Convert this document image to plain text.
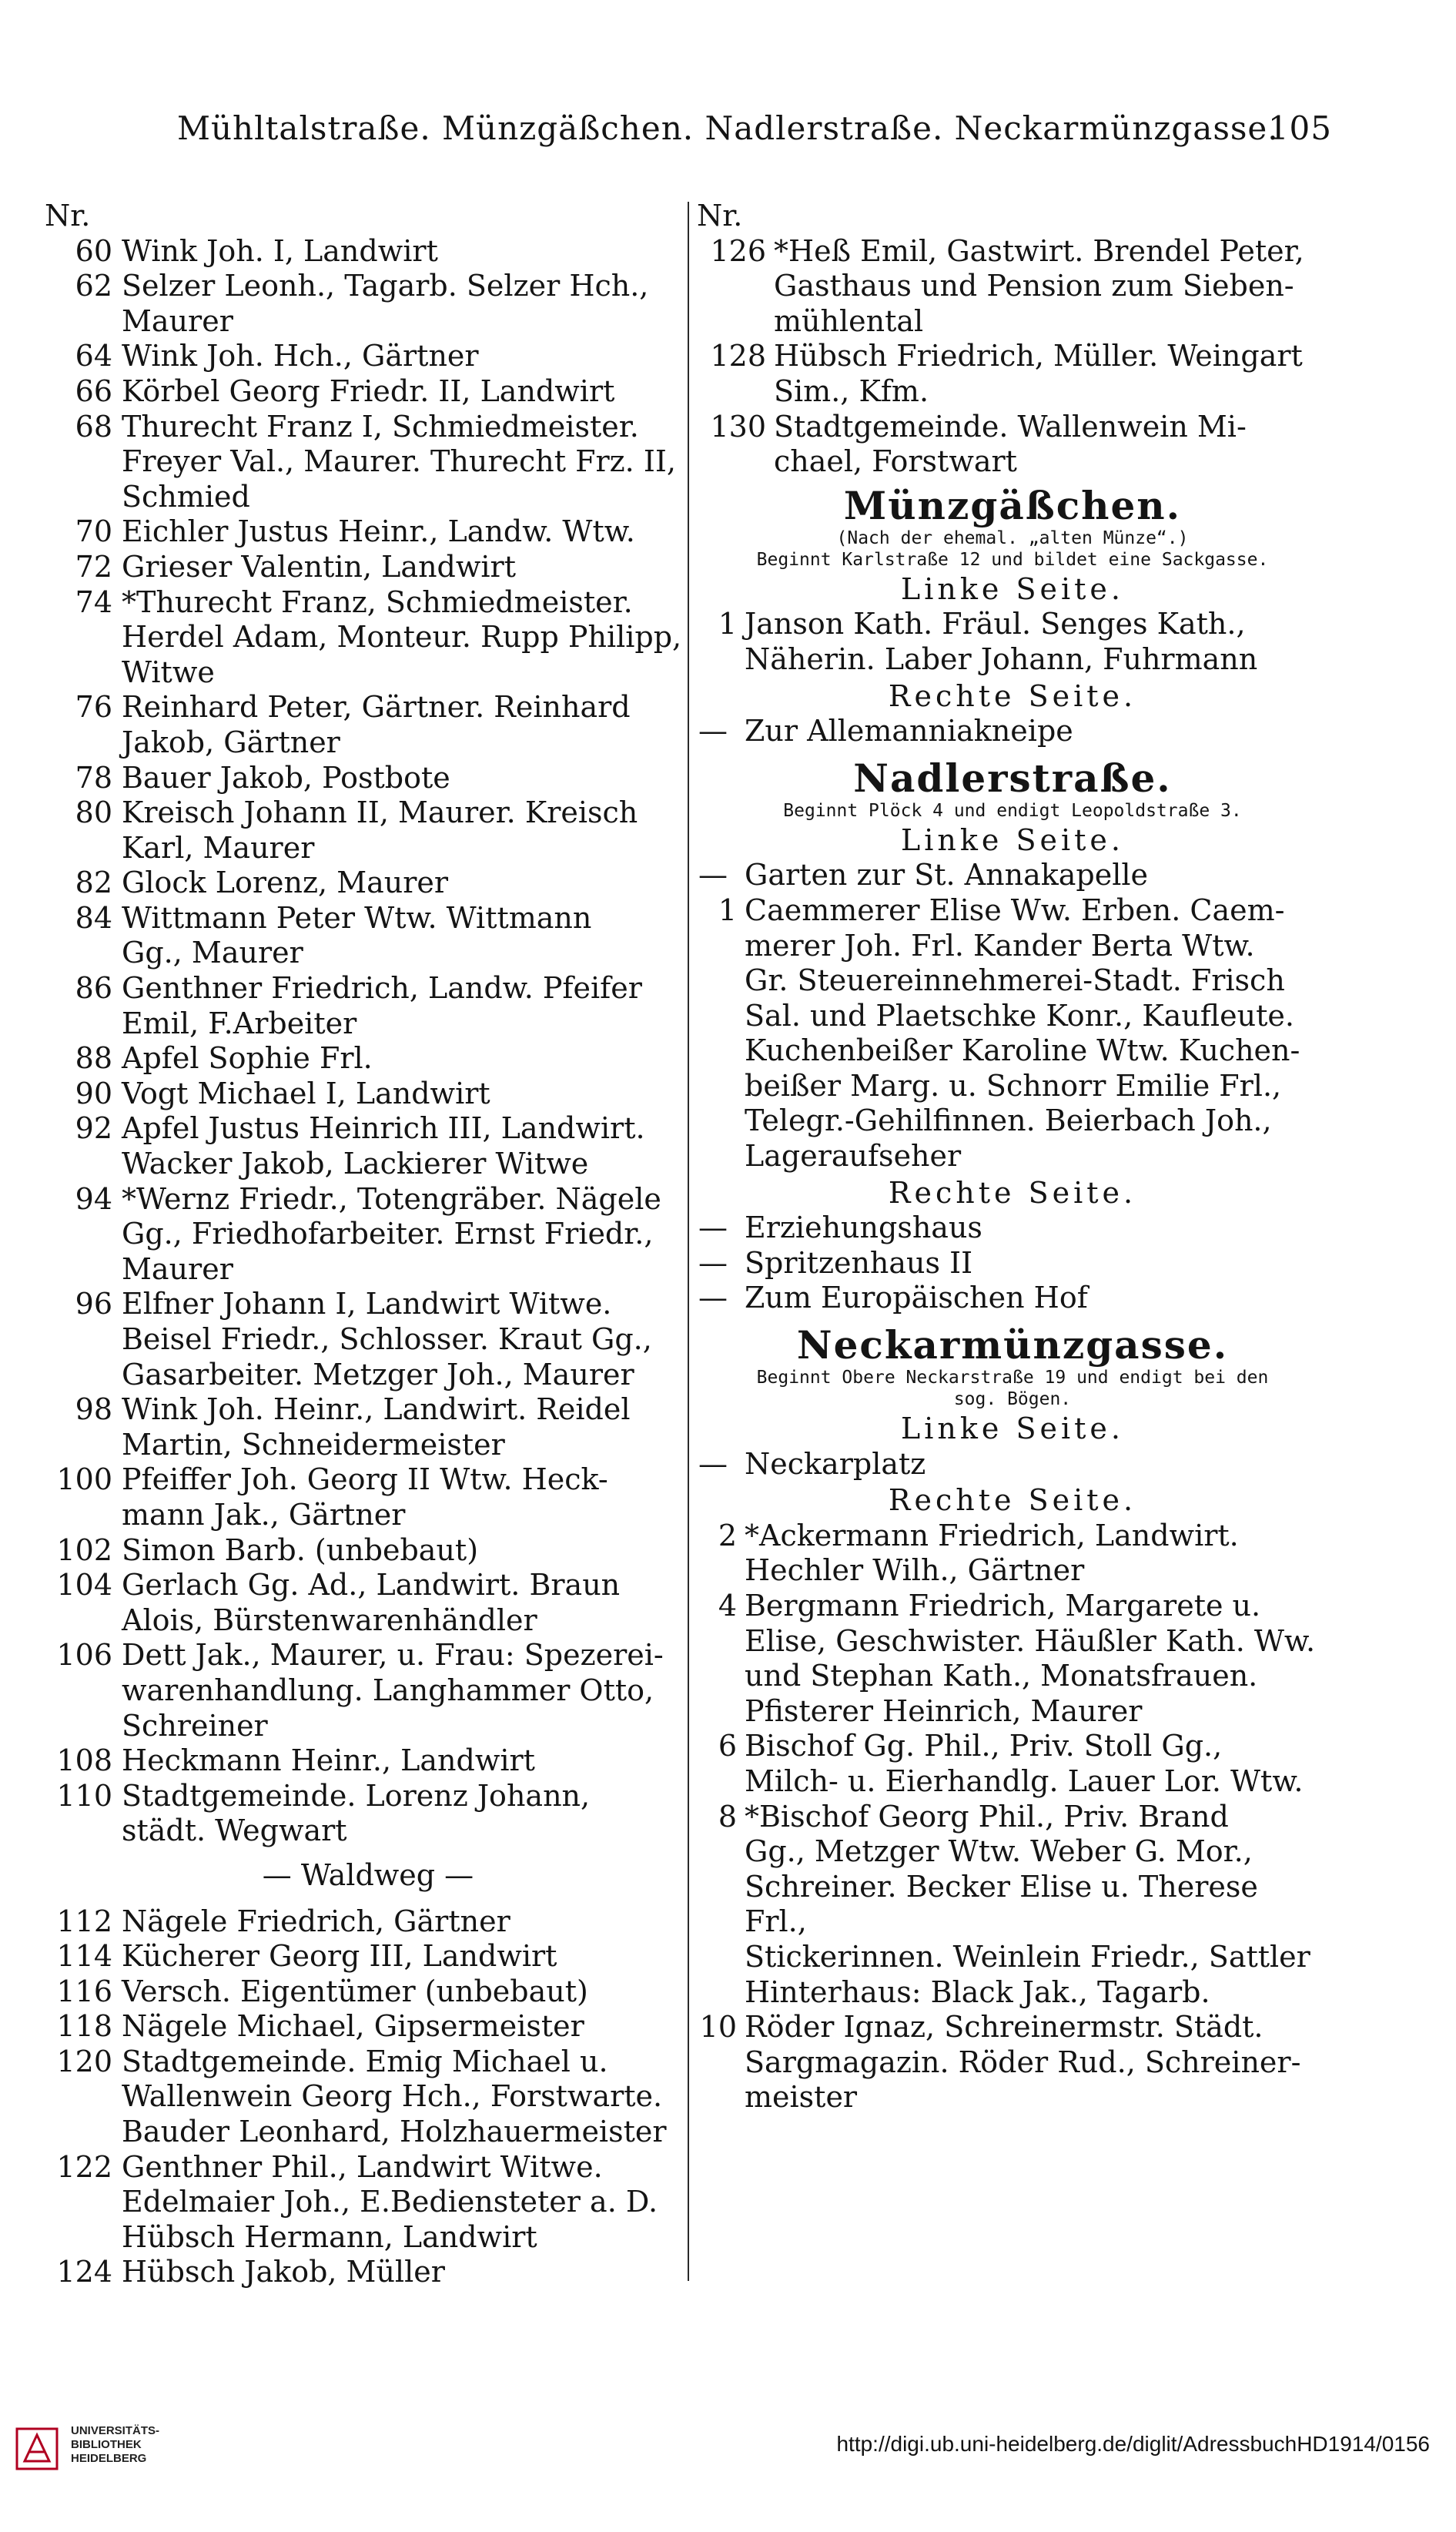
Mühltalstraße. Münzgäßchen. Nadlerstraße. Neckarmünzgasse.
105
Nr.
60 Wink Joh. I, Landwirt
62 Selzer Leonh., Tagarb. Selzer Hch.,
Maurer
64 Wink Joh. Hch., Gärtner
66 Körbel Georg Friedr. II, Landwirt
68 Thurecht Franz I, Schmiedmeister.
Freyer Val., Maurer. Thurecht Frz. II,
Schmied
70 Eichler Justus Heinr., Landw. Wtw.
72 Grieser Valentin, Landwirt
74 *Thurecht Franz, Schmiedmeister.
Herdel Adam, Monteur. Rupp Philipp,
Witwe
76 Reinhard Peter, Gärtner. Reinhard
Jakob, Gärtner
78 Bauer Jakob, Postbote
80 Kreisch Johann II, Maurer. Kreisch
Karl, Maurer
82 Glock Lorenz, Maurer
84 Wittmann Peter Wtw. Wittmann
Gg., Maurer
86 Genthner Friedrich, Landw. Pfeifer
Emil, F.Arbeiter
88 Apfel Sophie Frl.
90 Vogt Michael I, Landwirt
92 Apfel Justus Heinrich III, Landwirt.
Wacker Jakob, Lackierer Witwe
94 *Wernz Friedr., Totengräber. Nägele
Gg., Friedhofarbeiter. Ernst Friedr.,
Maurer
96 Elfner Johann I, Landwirt Witwe.
Beisel Friedr., Schlosser. Kraut Gg.,
Gasarbeiter. Metzger Joh., Maurer
98 Wink Joh. Heinr., Landwirt. Reidel
Martin, Schneidermeister
100 Pfeiffer Joh. Georg II Wtw. Heck-
mann Jak., Gärtner
102 Simon Barb. (unbebaut)
104 Gerlach Gg. Ad., Landwirt. Braun
Alois, Bürstenwarenhändler
106 Dett Jak., Maurer, u. Frau: Spezerei-
warenhandlung. Langhammer Otto,
Schreiner
108 Heckmann Heinr., Landwirt
110 Stadtgemeinde. Lorenz Johann,
städt. Wegwart
— Waldweg —
112 Nägele Friedrich, Gärtner
114 Kücherer Georg III, Landwirt
116 Versch. Eigentümer (unbebaut)
118 Nägele Michael, Gipsermeister
120 Stadtgemeinde. Emig Michael u.
Wallenwein Georg Hch., Forstwarte.
Bauder Leonhard, Holzhauermeister
122 Genthner Phil., Landwirt Witwe.
Edelmaier Joh., E.Bediensteter a. D.
Hübsch Hermann, Landwirt
124 Hübsch Jakob, Müller
Nr.
126 *Heß Emil, Gastwirt. Brendel Peter,
Gasthaus und Pension zum Sieben-
mühlental
128 Hübsch Friedrich, Müller. Weingart
Sim., Kfm.
130 Stadtgemeinde. Wallenwein Mi-
chael, Forstwart
Münzgäßchen.
(Nach der ehemal. „alten Münze“.)
Beginnt Karlstraße 12 und bildet eine Sackgasse.
Linke Seite.
1 Janson Kath. Fräul. Senges Kath.,
Näherin. Laber Johann, Fuhrmann
Rechte Seite.
— Zur Allemanniakneipe
Nadlerstraße.
Beginnt Plöck 4 und endigt Leopoldstraße 3.
Linke Seite.
— Garten zur St. Annakapelle
1 Caemmerer Elise Ww. Erben. Caem-
merer Joh. Frl. Kander Berta Wtw.
Gr. Steuereinnehmerei-Stadt. Frisch
Sal. und Plaetschke Konr., Kaufleute.
Kuchenbeißer Karoline Wtw. Kuchen-
beißer Marg. u. Schnorr Emilie Frl.,
Telegr.-Gehilfinnen. Beierbach Joh.,
Lageraufseher
Rechte Seite.
— Erziehungshaus
— Spritzenhaus II
— Zum Europäischen Hof
Neckarmünzgasse.
Beginnt Obere Neckarstraße 19 und endigt bei den
sog. Bögen.
Linke Seite.
— Neckarplatz
Rechte Seite.
2 *Ackermann Friedrich, Landwirt.
Hechler Wilh., Gärtner
4 Bergmann Friedrich, Margarete u.
Elise, Geschwister. Häußler Kath. Ww.
und Stephan Kath., Monatsfrauen.
Pfisterer Heinrich, Maurer
6 Bischof Gg. Phil., Priv. Stoll Gg.,
Milch- u. Eierhandlg. Lauer Lor. Wtw.
8 *Bischof Georg Phil., Priv. Brand
Gg., Metzger Wtw. Weber G. Mor.,
Schreiner. Becker Elise u. Therese Frl.,
Stickerinnen. Weinlein Friedr., Sattler
Hinterhaus: Black Jak., Tagarb.
10 Röder Ignaz, Schreinermstr. Städt.
Sargmagazin. Röder Rud., Schreiner-
meister
UNIVERSITÄTS-
BIBLIOTHEK
HEIDELBERG
http://digi.ub.uni-heidelberg.de/diglit/AdressbuchHD1914/0156
